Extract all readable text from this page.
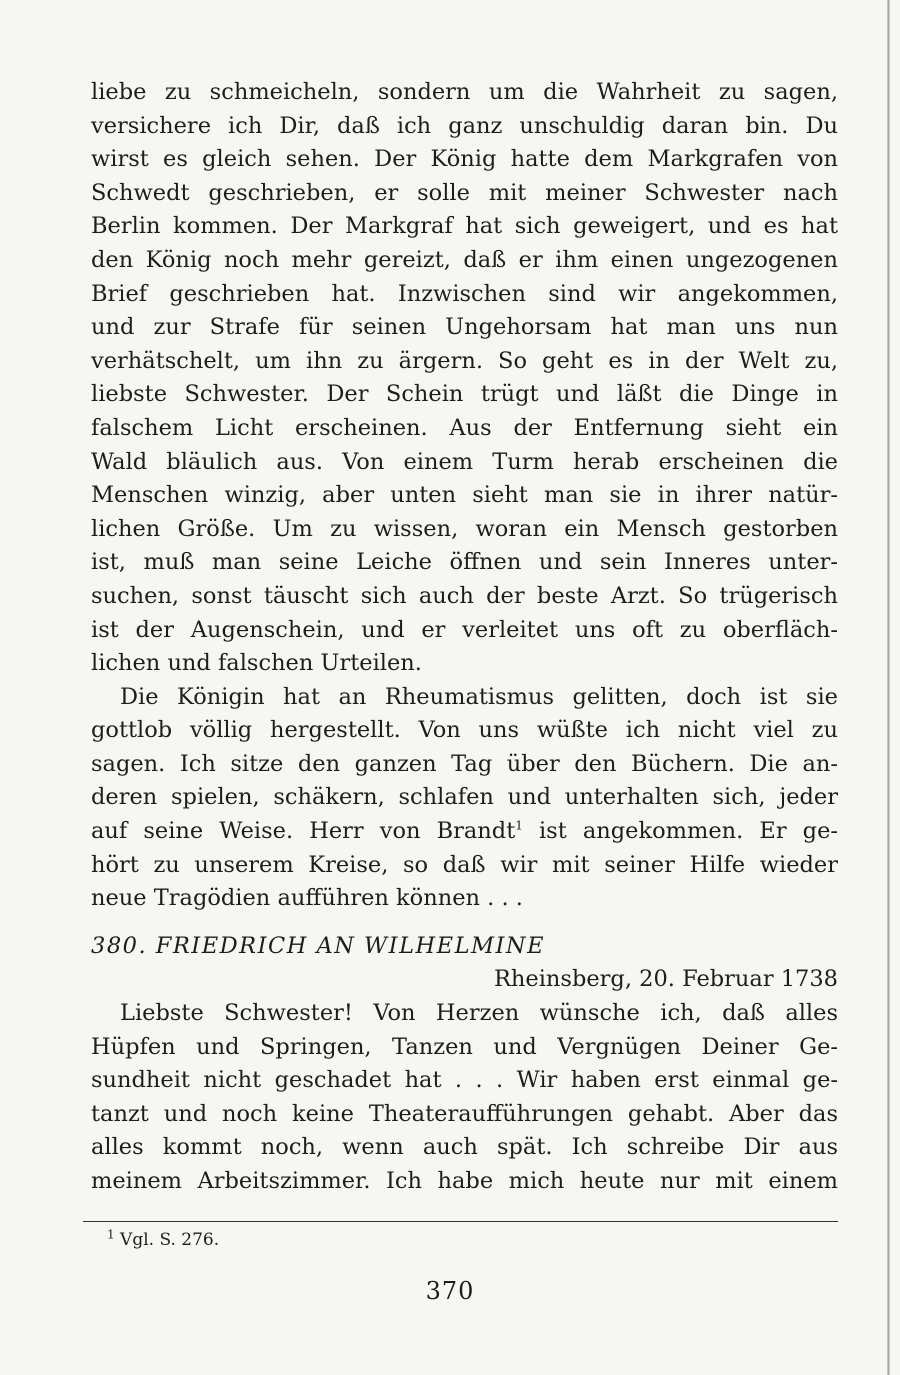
liebe zu schmeicheln, sondern um die Wahrheit zu sagen,
versichere ich Dir, daß ich ganz unschuldig daran bin. Du
wirst es gleich sehen. Der König hatte dem Markgrafen von
Schwedt geschrieben, er solle mit meiner Schwester nach
Berlin kommen. Der Markgraf hat sich geweigert, und es hat
den König noch mehr gereizt, daß er ihm einen ungezogenen
Brief geschrieben hat. Inzwischen sind wir angekommen,
und zur Strafe für seinen Ungehorsam hat man uns nun
verhätschelt, um ihn zu ärgern. So geht es in der Welt zu,
liebste Schwester. Der Schein trügt und läßt die Dinge in
falschem Licht erscheinen. Aus der Entfernung sieht ein
Wald bläulich aus. Von einem Turm herab erscheinen die
Menschen winzig, aber unten sieht man sie in ihrer natür-
lichen Größe. Um zu wissen, woran ein Mensch gestorben
ist, muß man seine Leiche öffnen und sein Inneres unter-
suchen, sonst täuscht sich auch der beste Arzt. So trügerisch
ist der Augenschein, und er verleitet uns oft zu oberfläch-
lichen und falschen Urteilen.
Die Königin hat an Rheumatismus gelitten, doch ist sie
gottlob völlig hergestellt. Von uns wüßte ich nicht viel zu
sagen. Ich sitze den ganzen Tag über den Büchern. Die an-
deren spielen, schäkern, schlafen und unterhalten sich, jeder
auf seine Weise. Herr von Brandt$^1$ ist angekommen. Er ge-
hört zu unserem Kreise, so daß wir mit seiner Hilfe wieder
neue Tragödien aufführen können . . .
380. FRIEDRICH AN WILHELMINE
Rheinsberg, 20. Februar 1738
Liebste Schwester! Von Herzen wünsche ich, daß alles
Hüpfen und Springen, Tanzen und Vergnügen Deiner Ge-
sundheit nicht geschadet hat . . . Wir haben erst einmal ge-
tanzt und noch keine Theateraufführungen gehabt. Aber das
alles kommt noch, wenn auch spät. Ich schreibe Dir aus
meinem Arbeitszimmer. Ich habe mich heute nur mit einem
$^1$ Vgl. S. 276.
370
